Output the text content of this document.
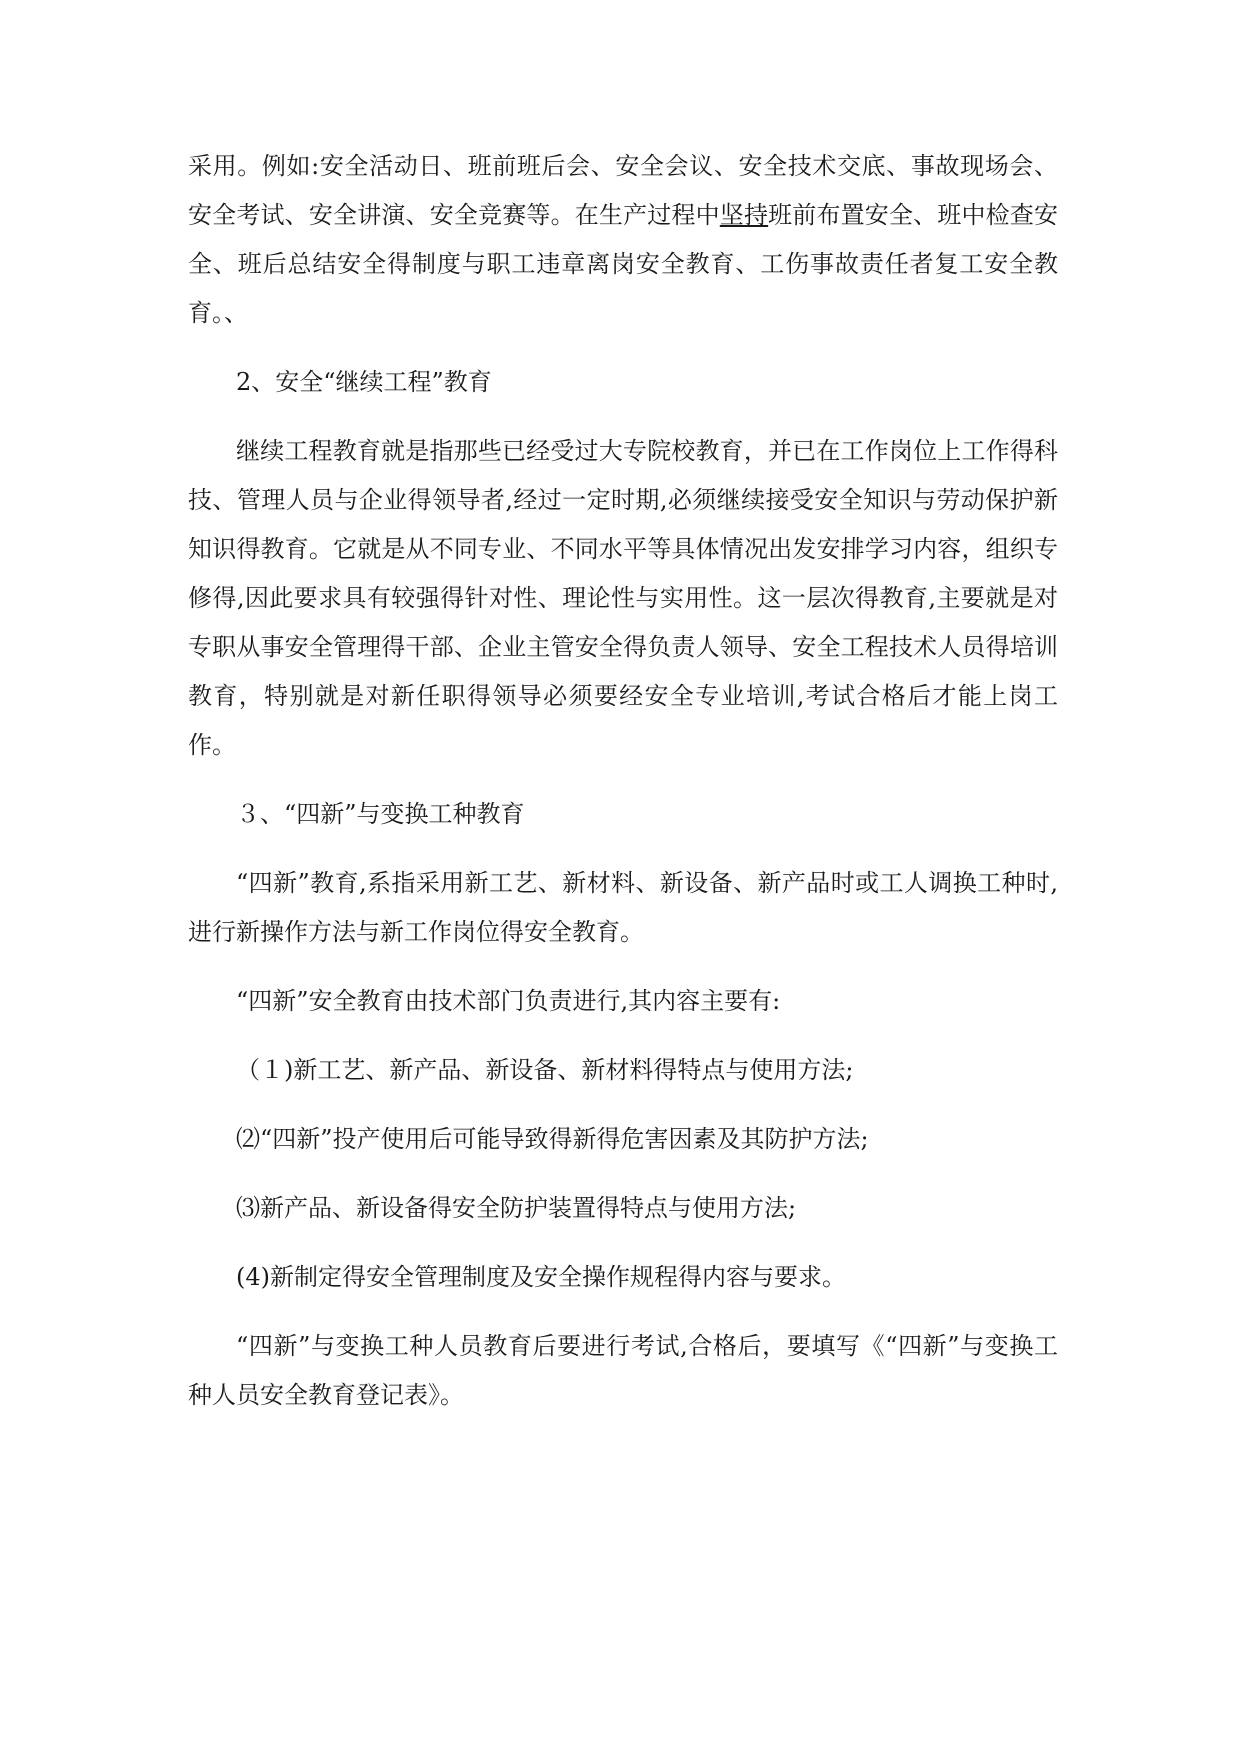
采用。例如:安全活动日、班前班后会、安全会议、安全技术交底、事故现场会、安全考试、安全讲演、安全竞赛等。在生产过程中坚持班前布置安全、班中检查安全、班后总结安全得制度与职工违章离岗安全教育、工伤事故责任者复工安全教育。、

2、安全“继续工程”教育

继续工程教育就是指那些已经受过大专院校教育，并已在工作岗位上工作得科技、管理人员与企业得领导者,经过一定时期,必须继续接受安全知识与劳动保护新知识得教育。它就是从不同专业、不同水平等具体情况出发安排学习内容，组织专修得,因此要求具有较强得针对性、理论性与实用性。这一层次得教育,主要就是对专职从事安全管理得干部、企业主管安全得负责人领导、安全工程技术人员得培训教育，特别就是对新任职得领导必须要经安全专业培训,考试合格后才能上岗工作。

３、“四新”与变换工种教育

“四新”教育,系指采用新工艺、新材料、新设备、新产品时或工人调换工种时,进行新操作方法与新工作岗位得安全教育。

“四新”安全教育由技术部门负责进行,其内容主要有:

（１)新工艺、新产品、新设备、新材料得特点与使用方法;

⑵“四新”投产使用后可能导致得新得危害因素及其防护方法;

⑶新产品、新设备得安全防护装置得特点与使用方法;

(4)新制定得安全管理制度及安全操作规程得内容与要求。

“四新”与变换工种人员教育后要进行考试,合格后，要填写《“四新”与变换工种人员安全教育登记表》。
